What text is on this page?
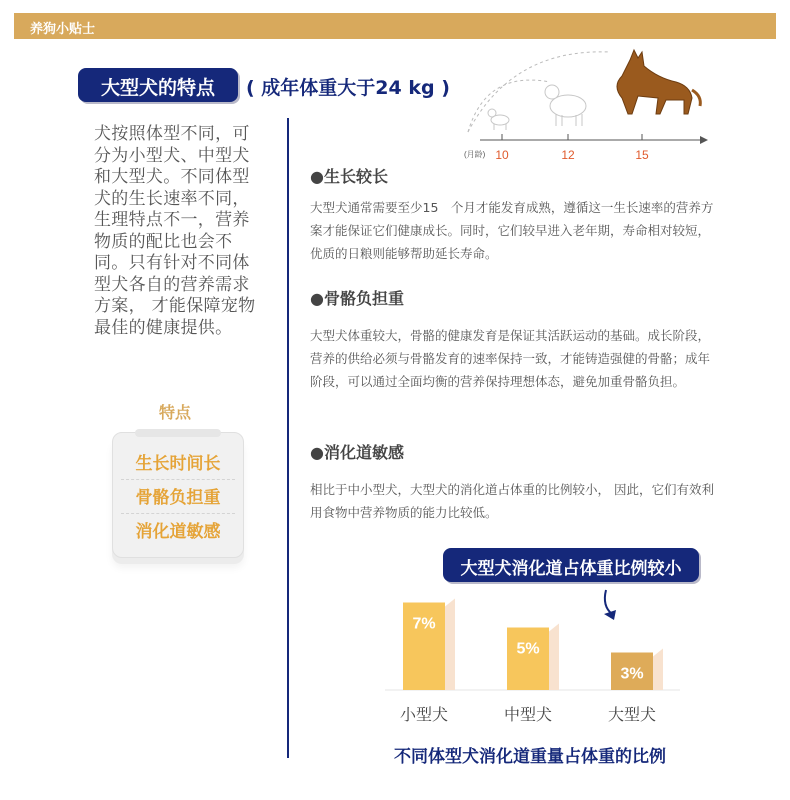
养狗小贴士
大型犬的特点	( 成年体重大于24 kg )
犬按照体型不同，可分为小型犬、中型犬和大型犬。不同体型犬的生长速率不同，生理特点不一，营养物质的配比也会不同。只有针对不同体型犬各自的营养需求方案， 才能保障宠物最佳的健康提供。
特点
生长时间长
骨骼负担重
消化道敏感
(月龄) 10	12	15
●生长较长
大型犬通常需要至少15　个月才能发育成熟，遵循这一生长速率的营养方案才能保证它们健康成长。同时，它们较早进入老年期，寿命相对较短，优质的日粮则能够帮助延长寿命。
●骨骼负担重
大型犬体重较大，骨骼的健康发育是保证其活跃运动的基础。成长阶段，营养的供给必须与骨骼发育的速率保持一致，才能铸造强健的骨骼；成年阶段，可以通过全面均衡的营养保持理想体态，避免加重骨骼负担。
●消化道敏感
相比于中小型犬，大型犬的消化道占体重的比例较小， 因此，它们有效利用食物中营养物质的能力比较低。
大型犬消化道占体重比例较小
7%
5%
3%
小型犬	中型犬	大型犬
不同体型犬消化道重量占体重的比例
